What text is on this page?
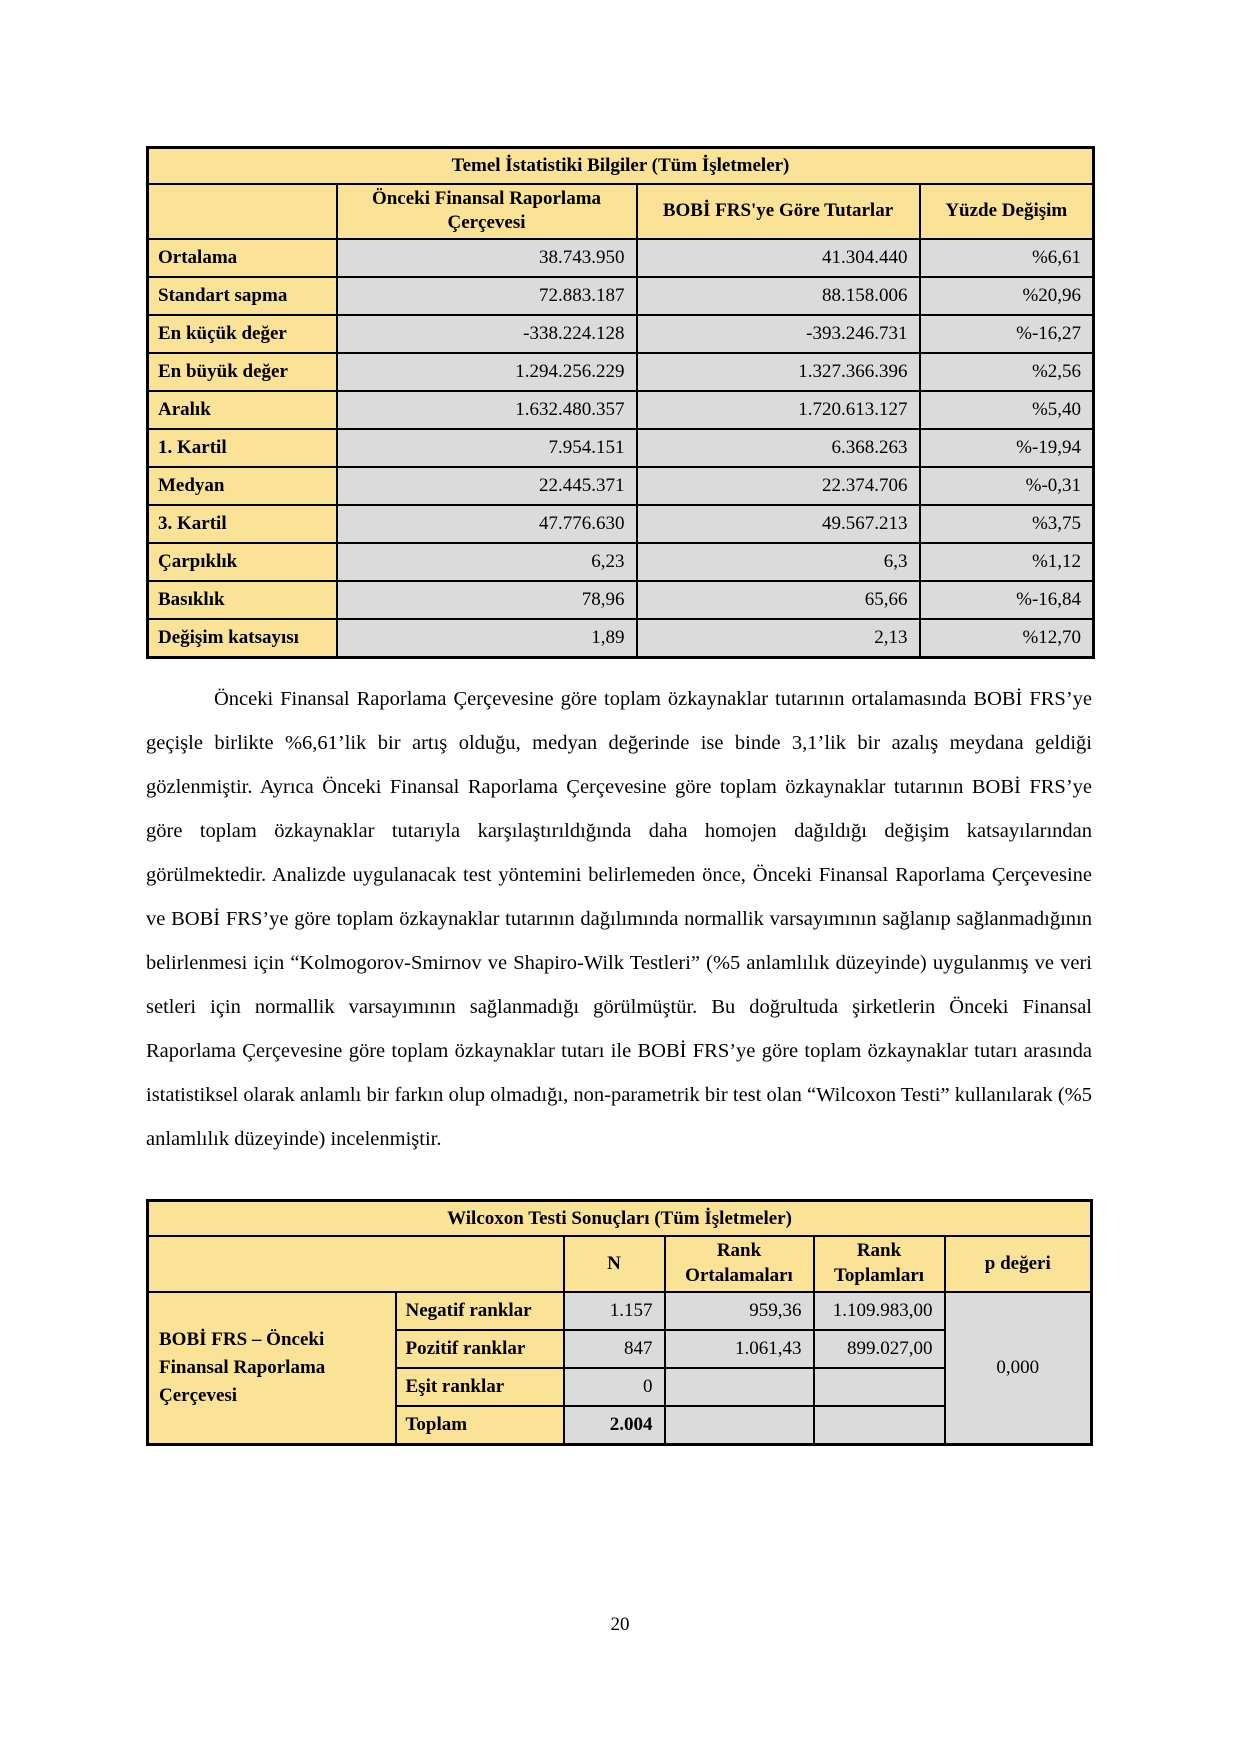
Temel İstatistiki Bilgiler (Tüm İşletmeler)			
	Önceki Finansal Raporlama Çerçevesi	BOBİ FRS'ye Göre Tutarlar	Yüzde Değişim
Ortalama	38.743.950	41.304.440	%6,61
Standart sapma	72.883.187	88.158.006	%20,96
En küçük değer	-338.224.128	-393.246.731	%-16,27
En büyük değer	1.294.256.229	1.327.366.396	%2,56
Aralık	1.632.480.357	1.720.613.127	%5,40
1. Kartil	7.954.151	6.368.263	%-19,94
Medyan	22.445.371	22.374.706	%-0,31
3. Kartil	47.776.630	49.567.213	%3,75
Çarpıklık	6,23	6,3	%1,12
Basıklık	78,96	65,66	%-16,84
Değişim katsayısı	1,89	2,13	%12,70

Önceki Finansal Raporlama Çerçevesine göre toplam özkaynaklar tutarının ortalamasında BOBİ FRS’ye geçişle birlikte %6,61’lik bir artış olduğu, medyan değerinde ise binde 3,1’lik bir azalış meydana geldiği gözlenmiştir. Ayrıca Önceki Finansal Raporlama Çerçevesine göre toplam özkaynaklar tutarının BOBİ FRS’ye göre toplam özkaynaklar tutarıyla karşılaştırıldığında daha homojen dağıldığı değişim katsayılarından görülmektedir. Analizde uygulanacak test yöntemini belirlemeden önce, Önceki Finansal Raporlama Çerçevesine ve BOBİ FRS’ye göre toplam özkaynaklar tutarının dağılımında normallik varsayımının sağlanıp sağlanmadığının belirlenmesi için “Kolmogorov-Smirnov ve Shapiro-Wilk Testleri” (%5 anlamlılık düzeyinde) uygulanmış ve veri setleri için normallik varsayımının sağlanmadığı görülmüştür. Bu doğrultuda şirketlerin Önceki Finansal Raporlama Çerçevesine göre toplam özkaynaklar tutarı ile BOBİ FRS’ye göre toplam özkaynaklar tutarı arasında istatistiksel olarak anlamlı bir farkın olup olmadığı, non-parametrik bir test olan “Wilcoxon Testi” kullanılarak (%5 anlamlılık düzeyinde) incelenmiştir.

Wilcoxon Testi Sonuçları (Tüm İşletmeler)					
		N	Rank Ortalamaları	Rank Toplamları	p değeri
BOBİ FRS – Önceki Finansal Raporlama Çerçevesi	Negatif ranklar	1.157	959,36	1.109.983,00	0,000
	Pozitif ranklar	847	1.061,43	899.027,00	
	Eşit ranklar	0			
	Toplam	2.004			
20
